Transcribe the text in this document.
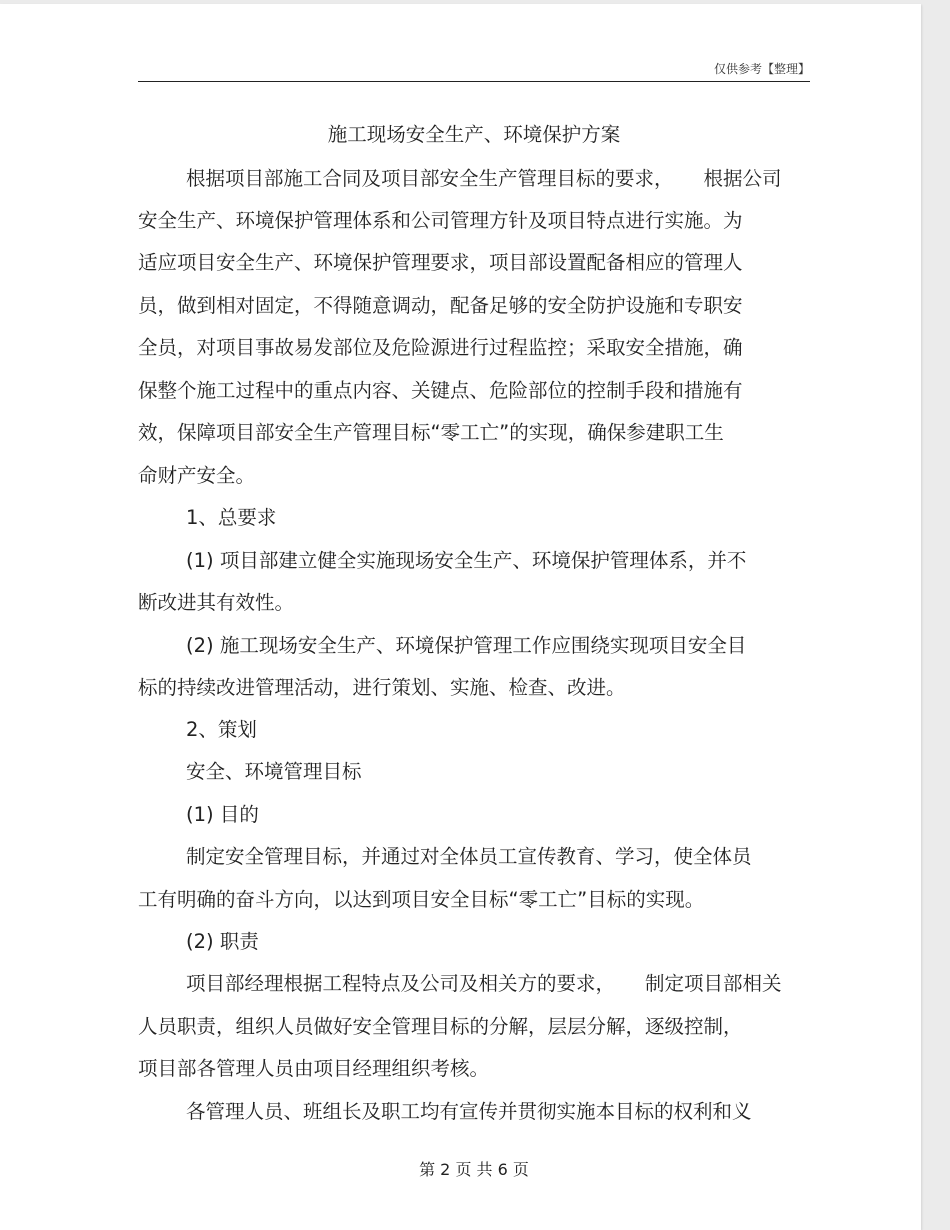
仅供参考【整理】
施工现场安全生产、环境保护方案
根据项目部施工合同及项目部安全生产管理目标的要求， 根据公司
安全生产、环境保护管理体系和公司管理方针及项目特点进行实施。为
适应项目安全生产、环境保护管理要求，项目部设置配备相应的管理人
员，做到相对固定，不得随意调动，配备足够的安全防护设施和专职安
全员，对项目事故易发部位及危险源进行过程监控；采取安全措施，确
保整个施工过程中的重点内容、关键点、危险部位的控制手段和措施有
效，保障项目部安全生产管理目标“零工亡”的实现，确保参建职工生
命财产安全。
1、总要求
(1) 项目部建立健全实施现场安全生产、环境保护管理体系，并不
断改进其有效性。
(2) 施工现场安全生产、环境保护管理工作应围绕实现项目安全目
标的持续改进管理活动，进行策划、实施、检查、改进。
2、策划
安全、环境管理目标
(1) 目的
制定安全管理目标，并通过对全体员工宣传教育、学习，使全体员
工有明确的奋斗方向，以达到项目安全目标“零工亡”目标的实现。
(2) 职责
项目部经理根据工程特点及公司及相关方的要求， 制定项目部相关
人员职责，组织人员做好安全管理目标的分解，层层分解，逐级控制，
项目部各管理人员由项目经理组织考核。
各管理人员、班组长及职工均有宣传并贯彻实施本目标的权利和义
第 2 页 共 6 页
